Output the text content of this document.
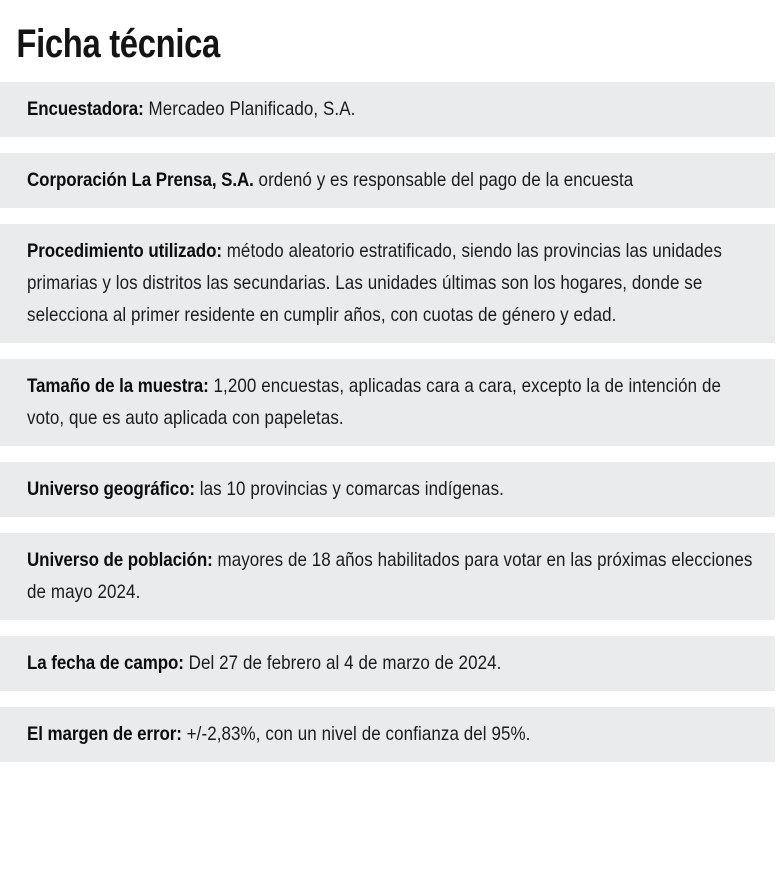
Ficha técnica

Encuestadora: Mercadeo Planificado, S.A.

Corporación La Prensa, S.A. ordenó y es responsable del pago de la encuesta

Procedimiento utilizado: método aleatorio estratificado, siendo las provincias las unidades primarias y los distritos las secundarias. Las unidades últimas son los hogares, donde se selecciona al primer residente en cumplir años, con cuotas de género y edad.

Tamaño de la muestra: 1,200 encuestas, aplicadas cara a cara, excepto la de intención de voto, que es auto aplicada con papeletas.

Universo geográfico: las 10 provincias y comarcas indígenas.

Universo de población: mayores de 18 años habilitados para votar en las próximas elecciones de mayo 2024.

La fecha de campo: Del 27 de febrero al 4 de marzo de 2024.

El margen de error: +/-2,83%, con un nivel de confianza del 95%.
